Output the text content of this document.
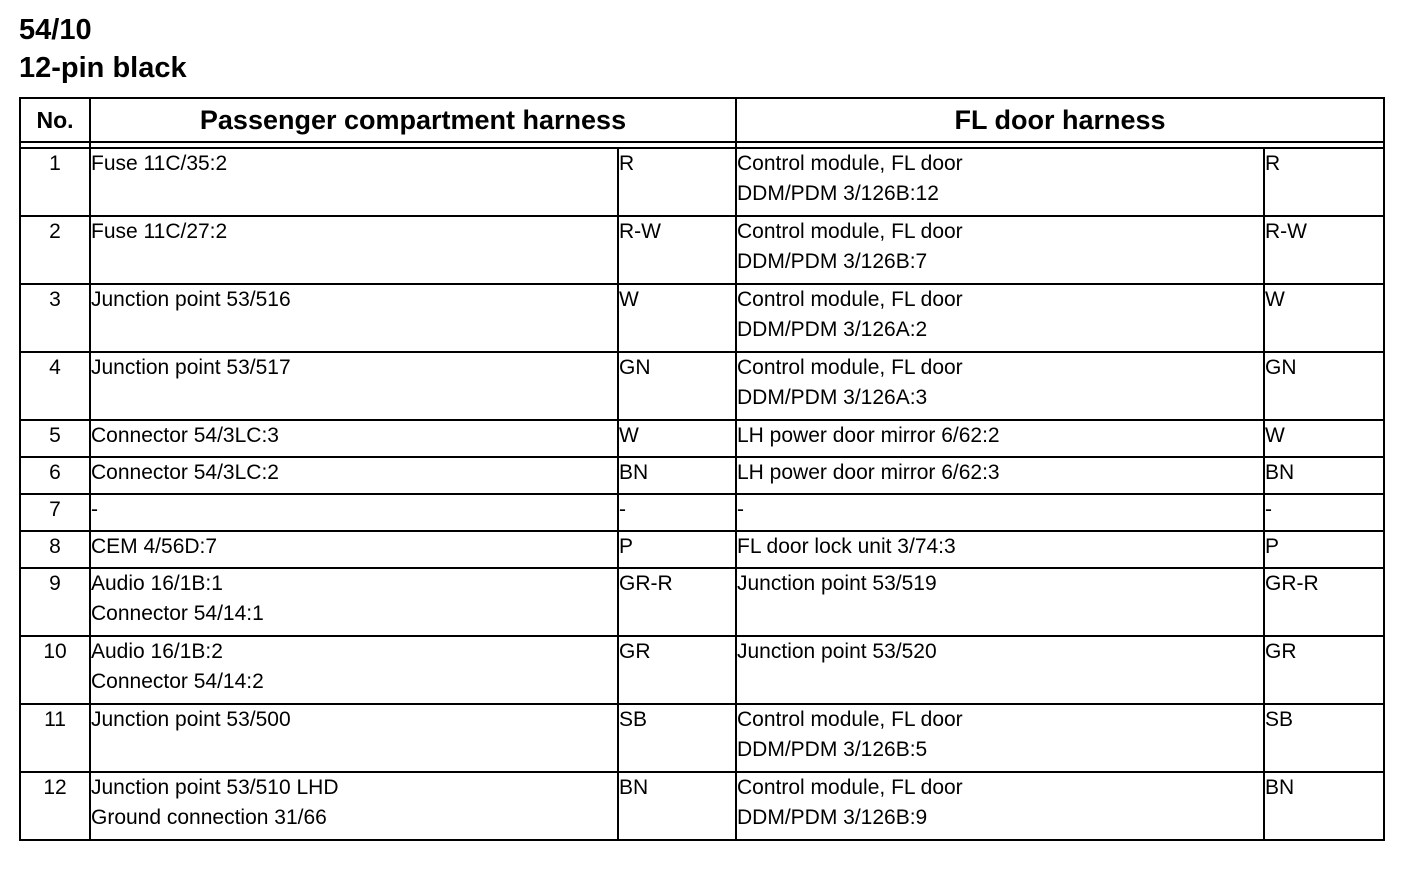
54/10
12-pin black
No.	Passenger compartment harness		FL door harness	

1	Fuse 11C/35:2	R	Control module, FL door
DDM/PDM 3/126B:12	R
2	Fuse 11C/27:2	R-W	Control module, FL door
DDM/PDM 3/126B:7	R-W
3	Junction point 53/516	W	Control module, FL door
DDM/PDM 3/126A:2	W
4	Junction point 53/517	GN	Control module, FL door
DDM/PDM 3/126A:3	GN
5	Connector 54/3LC:3	W	LH power door mirror 6/62:2	W
6	Connector 54/3LC:2	BN	LH power door mirror 6/62:3	BN
7	-	-	-	-
8	CEM 4/56D:7	P	FL door lock unit 3/74:3	P
9	Audio 16/1B:1
Connector 54/14:1	GR-R	Junction point 53/519	GR-R
10	Audio 16/1B:2
Connector 54/14:2	GR	Junction point 53/520	GR
11	Junction point 53/500	SB	Control module, FL door
DDM/PDM 3/126B:5	SB
12	Junction point 53/510 LHD
Ground connection 31/66	BN	Control module, FL door
DDM/PDM 3/126B:9	BN
